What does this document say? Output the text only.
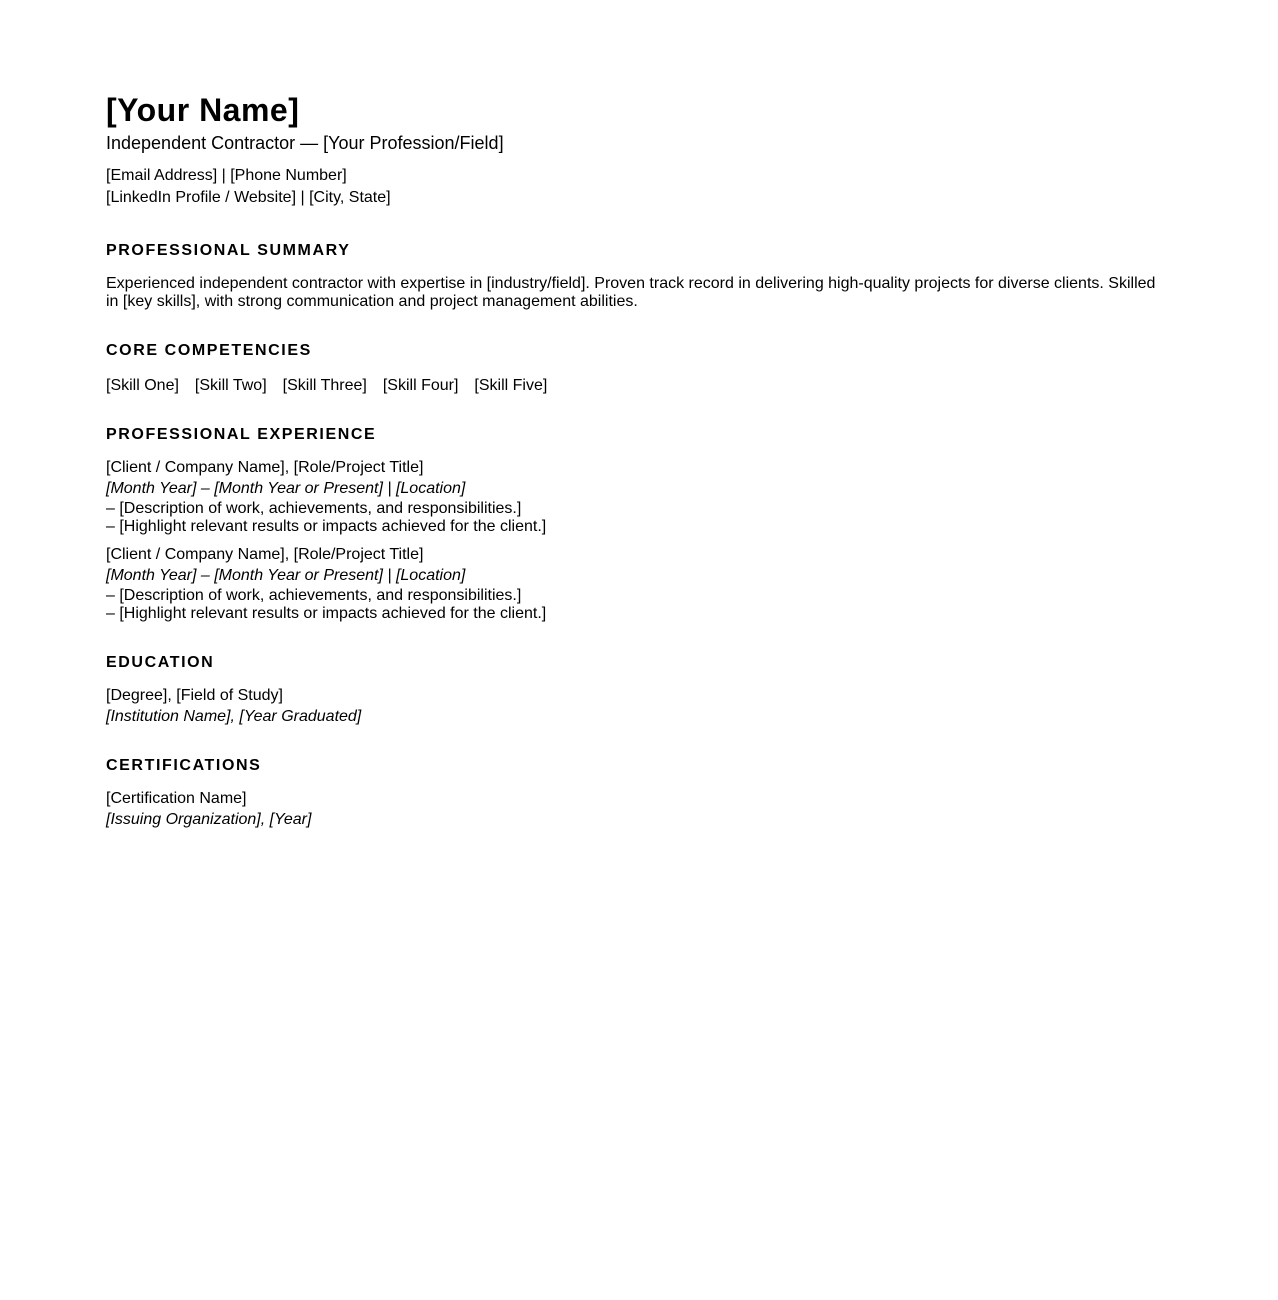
[Your Name]
Independent Contractor — [Your Profession/Field]
[Email Address] | [Phone Number]
[LinkedIn Profile / Website] | [City, State]
PROFESSIONAL SUMMARY
Experienced independent contractor with expertise in [industry/field]. Proven track record in delivering high-quality projects for diverse clients. Skilled in [key skills], with strong communication and project management abilities.
CORE COMPETENCIES
[Skill One] [Skill Two] [Skill Three] [Skill Four] [Skill Five]
PROFESSIONAL EXPERIENCE
[Client / Company Name], [Role/Project Title]
[Month Year] – [Month Year or Present] | [Location]
– [Description of work, achievements, and responsibilities.]
– [Highlight relevant results or impacts achieved for the client.]
[Client / Company Name], [Role/Project Title]
[Month Year] – [Month Year or Present] | [Location]
– [Description of work, achievements, and responsibilities.]
– [Highlight relevant results or impacts achieved for the client.]
EDUCATION
[Degree], [Field of Study]
[Institution Name], [Year Graduated]
CERTIFICATIONS
[Certification Name]
[Issuing Organization], [Year]
